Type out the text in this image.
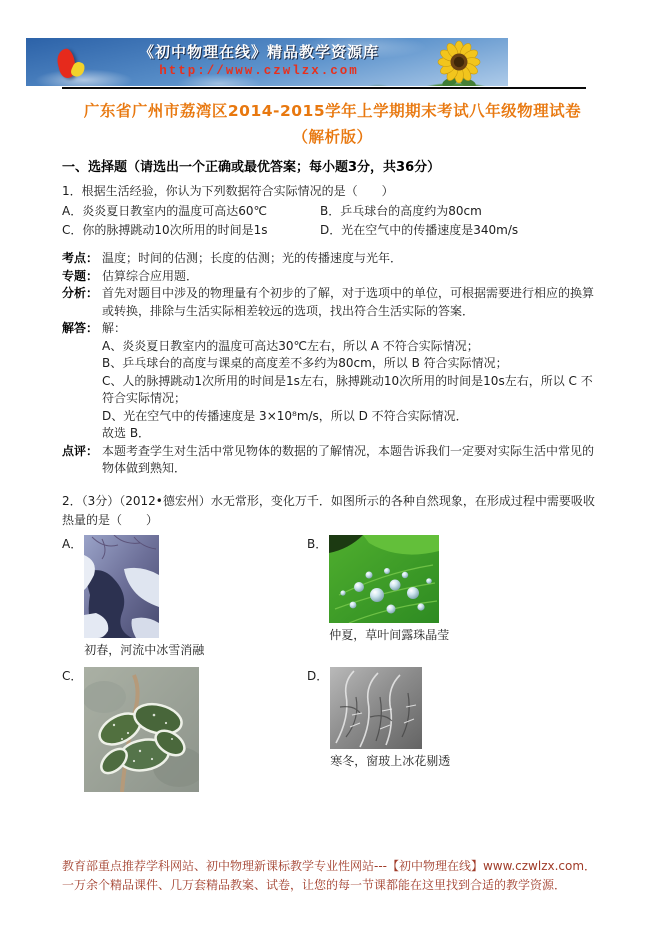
《初中物理在线》精品教学资源库
http://www.czwlzx.com
广东省广州市荔湾区2014-2015学年上学期期末考试八年级物理试卷（解析版）
一、选择题（请选出一个正确或最优答案；每小题3分，共36分）

1．根据生活经验，你认为下列数据符合实际情况的是（　　）

A．炎炎夏日教室内的温度可高达60℃	B．乒乓球台的高度约为80cm
C．你的脉搏跳动10次所用的时间是1s	D．光在空气中的传播速度是340m/s
考点： 温度；时间的估测；长度的估测；光的传播速度与光年．
专题： 估算综合应用题．
分析： 首先对题目中涉及的物理量有个初步的了解，对于选项中的单位，可根据需要进行相应的换算或转换，排除与生活实际相差较远的选项，找出符合生活实际的答案．
解答： 解：
A、炎炎夏日教室内的温度可高达30℃左右，所以 A 不符合实际情况；
B、乒乓球台的高度与课桌的高度差不多约为80cm，所以 B 符合实际情况；
C、人的脉搏跳动1次所用的时间是1s左右，脉搏跳动10次所用的时间是10s左右，所以 C 不符合实际情况；
D、光在空气中的传播速度是 3×10⁸m/s，所以 D 不符合实际情况．
故选 B．
点评： 本题考查学生对生活中常见物体的数据的了解情况，本题告诉我们一定要对实际生活中常见的物体做到熟知．

2．（3分）（2012•德宏州）水无常形，变化万千．如图所示的各种自然现象，在形成过程中需要吸收热量的是（　　）

A．
初春，河流中冰雪消融
B．
仲夏，草叶间露珠晶莹
C．	D．
寒冬，窗玻上冰花剔透
教育部重点推荐学科网站、初中物理新课标教学专业性网站---【初中物理在线】www.czwlzx.com．一万余个精品课件、几万套精品教案、试卷，让您的每一节课都能在这里找到合适的教学资源．
